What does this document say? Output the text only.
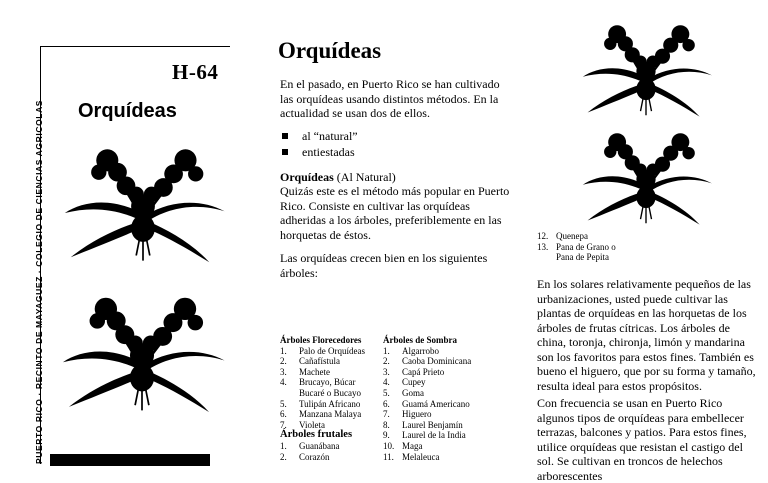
PUERTO RICO · RECINTO DE MAYAGUEZ · COLEGIO DE CIENCIAS AGRICOLAS
H-64
Orquídeas
Orquídeas
En el pasado, en Puerto Rico se han cultivado las orquídeas usando distintos métodos. En la actualidad se usan dos de ellos.
al “natural”
entiestadas
Orquídeas (Al Natural)
Quizás este es el método más popular en Puerto Rico. Consiste en cultivar las orquídeas adheridas a los árboles, preferiblemente en las horquetas de éstos.
Las orquídeas crecen bien en los siguientes árboles:
Árboles Florecedores
1. Palo de Orquídeas
2. Cañafístula
3. Machete
4. Brucayo, Búcar
Bucaré o Bucayo
5. Tulipán Africano
6. Manzana Malaya
7. Violeta
Árboles frutales
1. Guanábana
2. Corazón
Árboles de Sombra
1. Algarrobo
2. Caoba Dominicana
3. Capá Prieto
4. Cupey
5. Goma
6. Guamá Americano
7. Higuero
8. Laurel Benjamín
9. Laurel de la India
10. Maga
11. Melaleuca
12. Quenepa
13. Pana de Grano o
Pana de Pepita
En los solares relativamente pequeños de las urbanizaciones, usted puede cultivar las plantas de orquídeas en las horquetas de los árboles de frutas cítricas. Los árboles de china, toronja, chironja, limón y mandarina son los favoritos para estos fines. También es bueno el higuero, que por su forma y tamaño, resulta ideal para estos propósitos.
Con frecuencia se usan en Puerto Rico algunos tipos de orquídeas para embellecer terrazas, balcones y patios. Para estos fines, utilice orquídeas que resistan el castigo del sol. Se cultivan en troncos de helechos arborescentes
